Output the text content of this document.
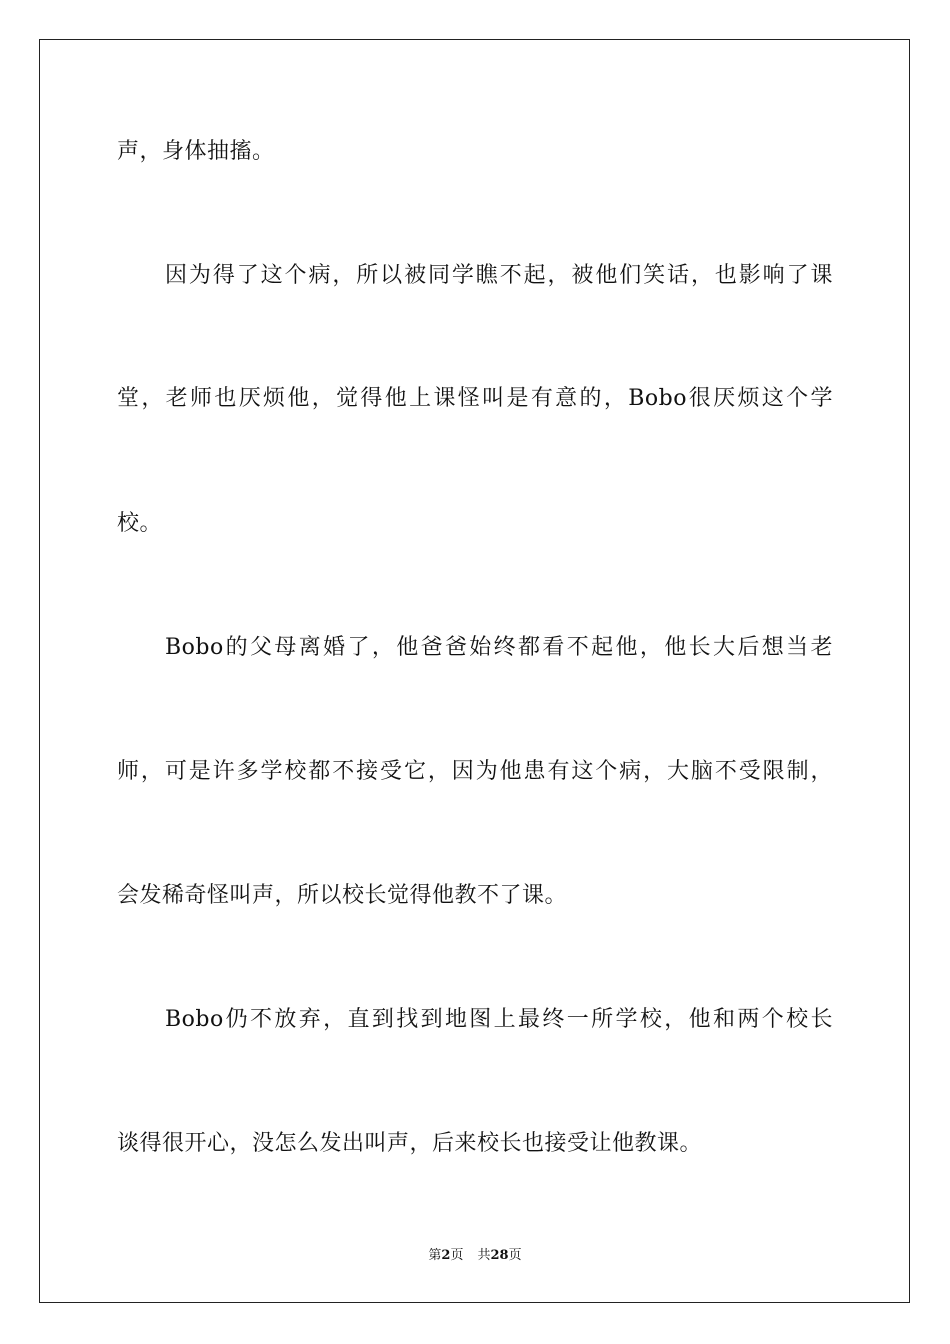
声，身体抽搐。
因为得了这个病，所以被同学瞧不起，被他们笑话，也影响了课
堂，老师也厌烦他，觉得他上课怪叫是有意的，Bobo很厌烦这个学
校。
Bobo的父母离婚了，他爸爸始终都看不起他，他长大后想当老
师，可是许多学校都不接受它，因为他患有这个病，大脑不受限制，
会发稀奇怪叫声，所以校长觉得他教不了课。
Bobo仍不放弃，直到找到地图上最终一所学校，他和两个校长
谈得很开心，没怎么发出叫声，后来校长也接受让他教课。
第2页 共28页
